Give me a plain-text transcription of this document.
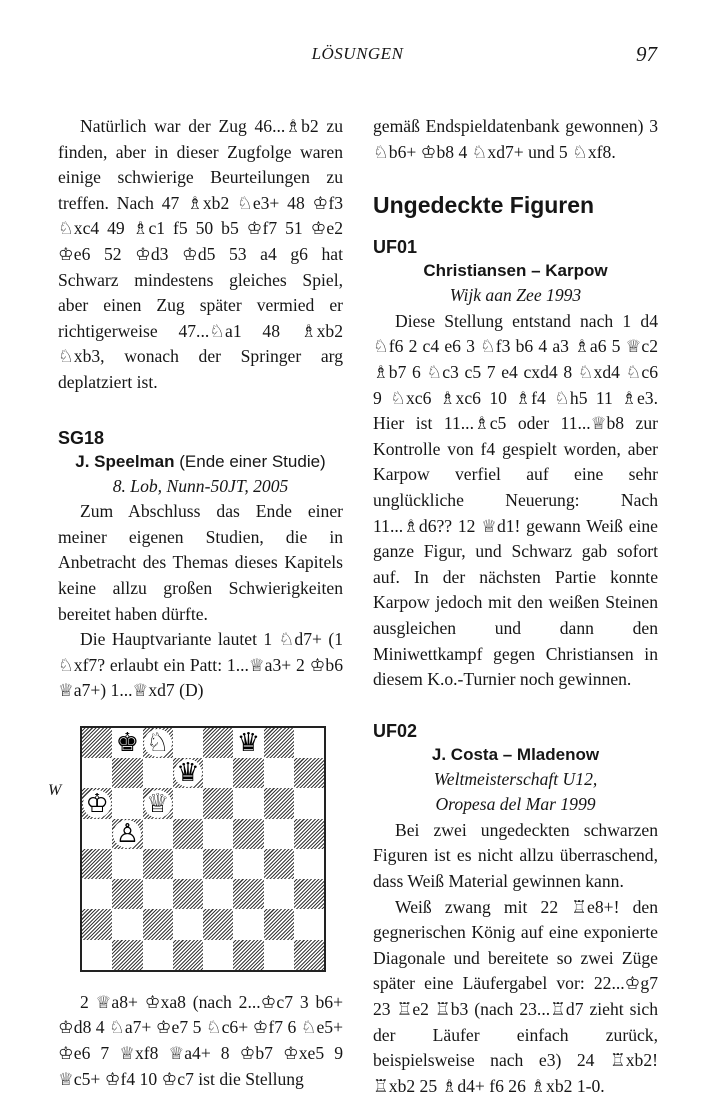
LÖSUNGEN	97

Natürlich war der Zug 46...♗b2 zu finden, aber in dieser Zugfolge waren einige schwierige Beurteilungen zu treffen. Nach 47 ♗xb2 ♘e3+ 48 ♔f3 ♘xc4 49 ♗c1 f5 50 b5 ♔f7 51 ♔e2 ♔e6 52 ♔d3 ♔d5 53 a4 g6 hat Schwarz mindestens gleiches Spiel, aber einen Zug später vermied er richtigerweise 47...♘a1 48 ♗xb2 ♘xb3, wonach der Springer arg deplatziert ist.

SG18
J. Speelman (Ende einer Studie)
8. Lob, Nunn-50JT, 2005

Zum Abschluss das Ende einer meiner eigenen Studien, die in Anbetracht des Themas dieses Kapitels keine allzu großen Schwierigkeiten bereitet haben dürfte.

Die Hauptvariante lautet 1 ♘d7+ (1 ♘xf7? erlaubt ein Patt: 1...♕a3+ 2 ♔b6 ♕a7+) 1...♕xd7 (D)

W
♚ ♘	♛
♛
♔ ♕
♙

2 ♕a8+ ♔xa8 (nach 2...♔c7 3 b6+ ♔d8 4 ♘a7+ ♔e7 5 ♘c6+ ♔f7 6 ♘e5+ ♔e6 7 ♕xf8 ♕a4+ 8 ♔b7 ♔xe5 9 ♕c5+ ♔f4 10 ♔c7 ist die Stellung

gemäß Endspieldatenbank gewonnen) 3 ♘b6+ ♔b8 4 ♘xd7+ und 5 ♘xf8.

Ungedeckte Figuren
UF01
Christiansen – Karpow
Wijk aan Zee 1993

Diese Stellung entstand nach 1 d4 ♘f6 2 c4 e6 3 ♘f3 b6 4 a3 ♗a6 5 ♕c2 ♗b7 6 ♘c3 c5 7 e4 cxd4 8 ♘xd4 ♘c6 9 ♘xc6 ♗xc6 10 ♗f4 ♘h5 11 ♗e3. Hier ist 11...♗c5 oder 11...♕b8 zur Kontrolle von f4 gespielt worden, aber Karpow verfiel auf eine sehr unglückliche Neuerung: Nach 11...♗d6?? 12 ♕d1! gewann Weiß eine ganze Figur, und Schwarz gab sofort auf. In der nächsten Partie konnte Karpow jedoch mit den weißen Steinen ausgleichen und dann den Miniwettkampf gegen Christiansen in diesem K.o.-Turnier noch gewinnen.

UF02
J. Costa – Mladenow
Weltmeisterschaft U12,
Oropesa del Mar 1999

Bei zwei ungedeckten schwarzen Figuren ist es nicht allzu überraschend, dass Weiß Material gewinnen kann.

Weiß zwang mit 22 ♖e8+! den gegnerischen König auf eine exponierte Diagonale und bereitete so zwei Züge später eine Läufergabel vor: 22...♔g7 23 ♖e2 ♖b3 (nach 23...♖d7 zieht sich der Läufer einfach zurück, beispielsweise nach e3) 24 ♖xb2! ♖xb2 25 ♗d4+ f6 26 ♗xb2 1-0.
